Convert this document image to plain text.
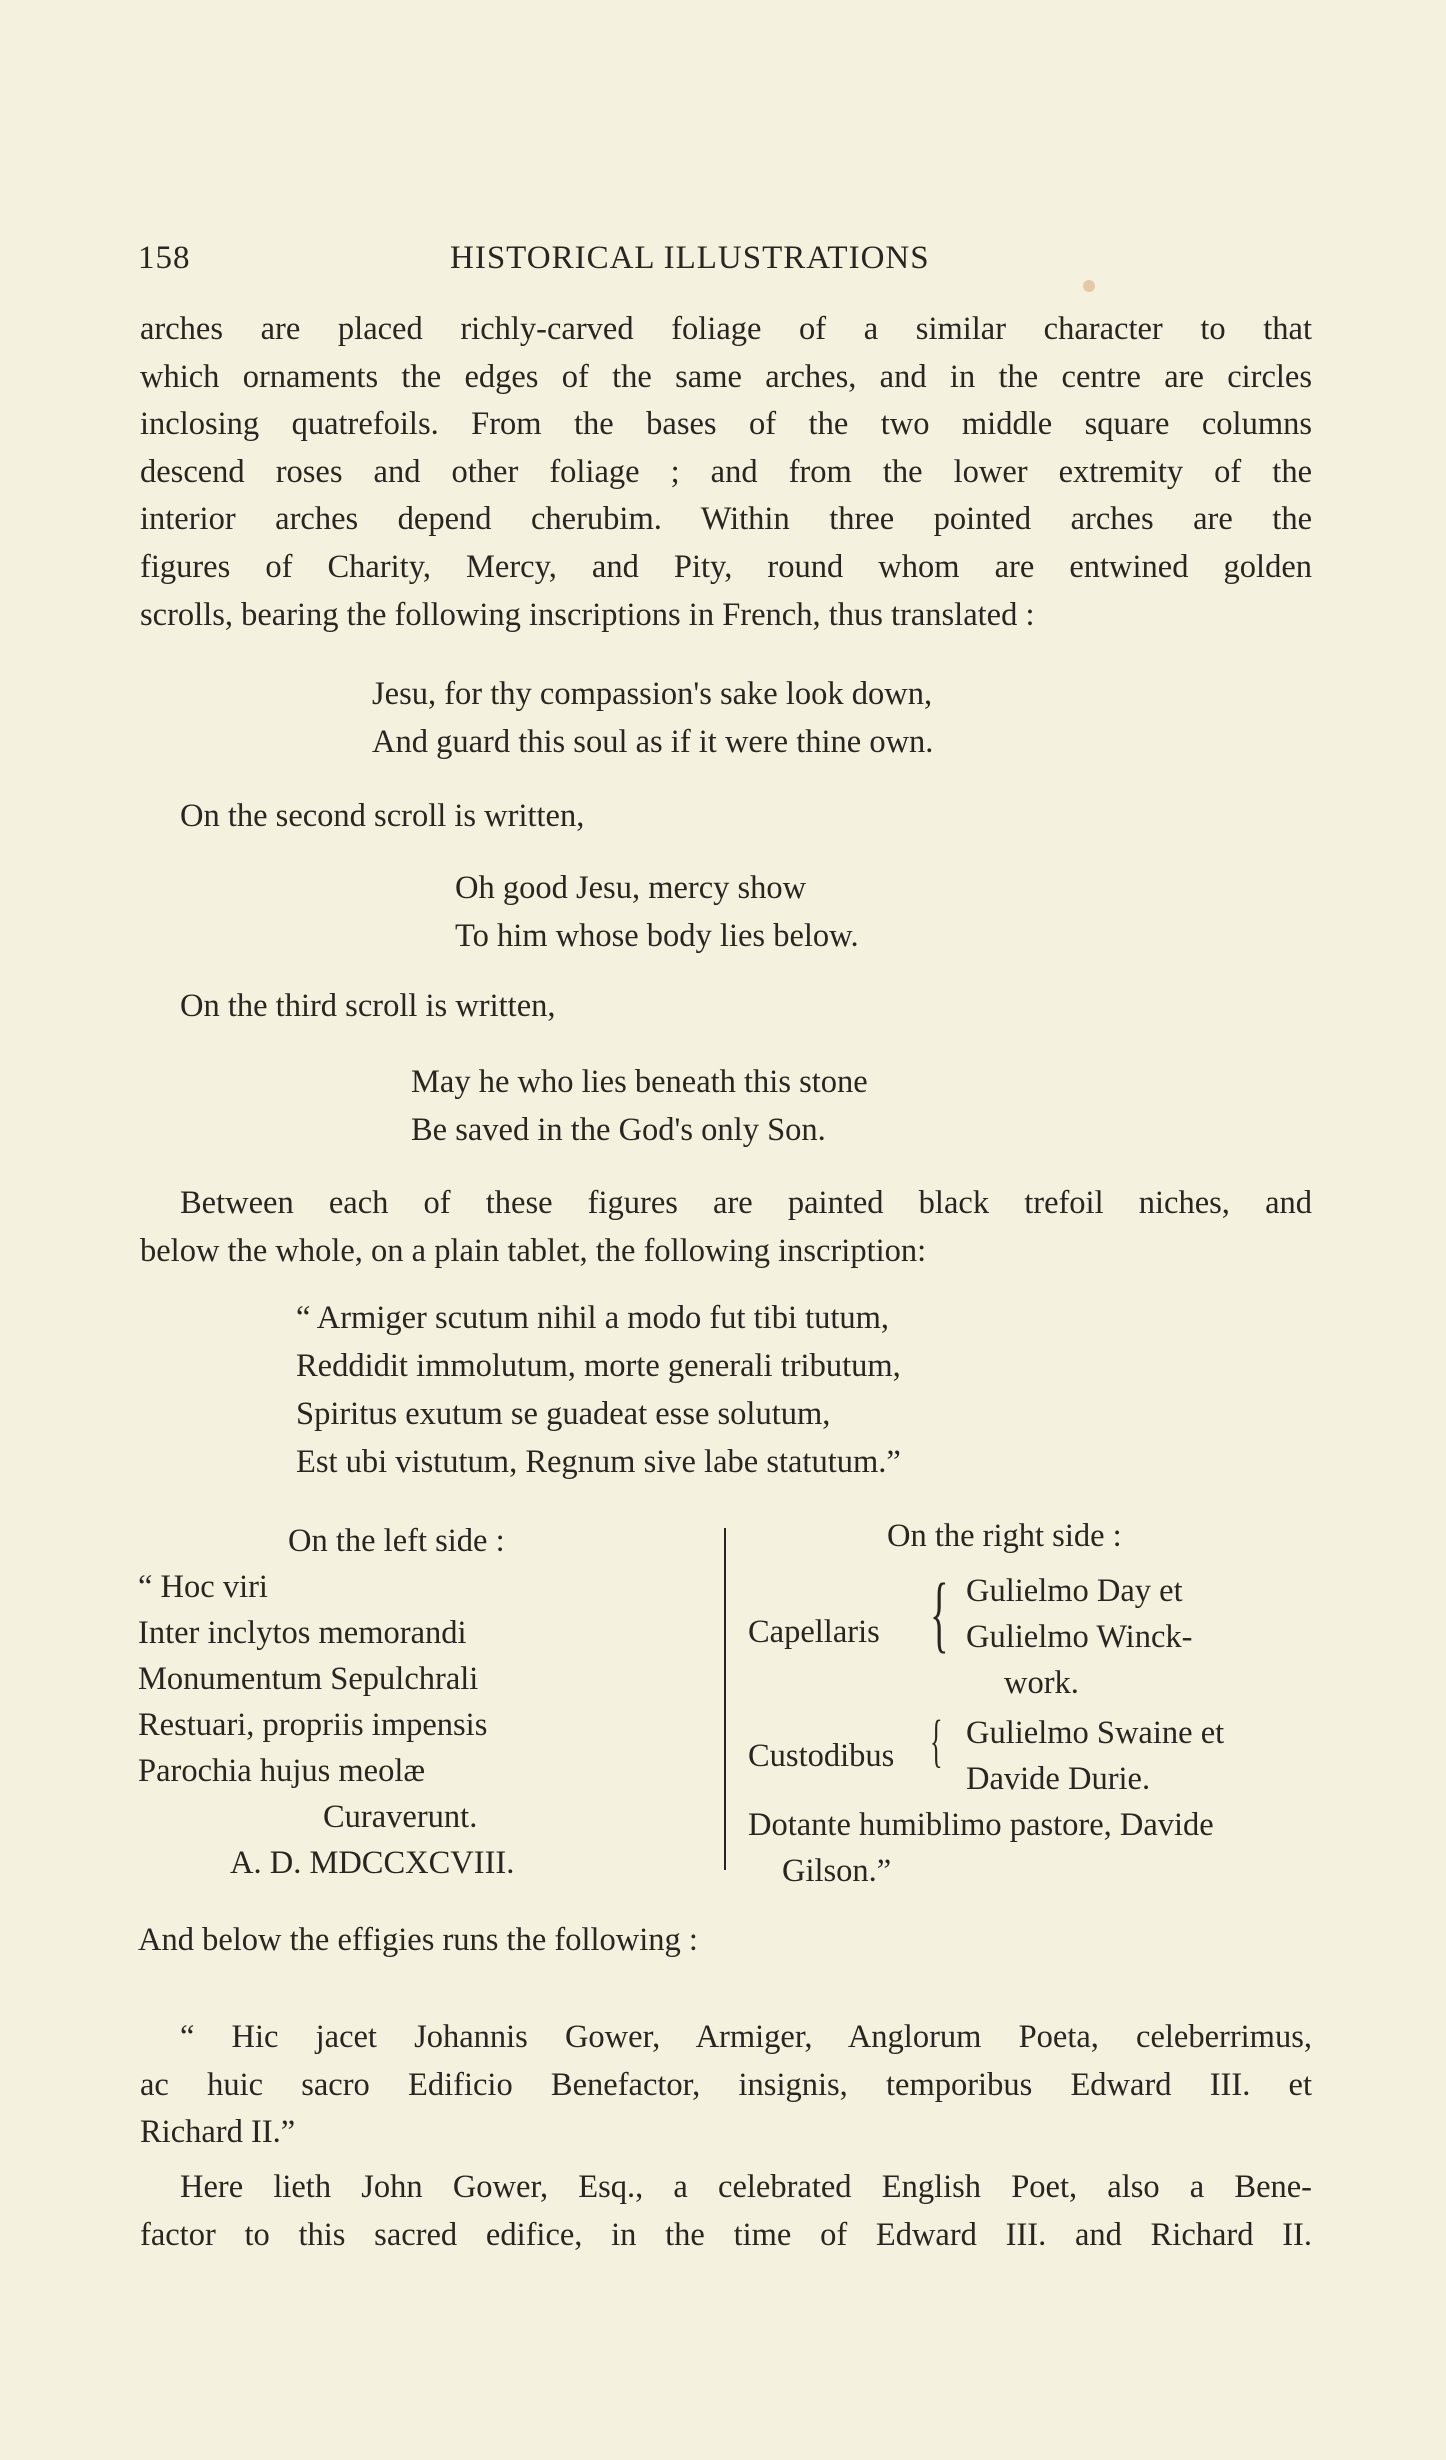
158	HISTORICAL ILLUSTRATIONS
arches are placed richly-carved foliage of a similar character to that
which ornaments the edges of the same arches, and in the centre are circles
inclosing quatrefoils. From the bases of the two middle square columns
descend roses and other foliage ; and from the lower extremity of the
interior arches depend cherubim. Within three pointed arches are the
figures of Charity, Mercy, and Pity, round whom are entwined golden
scrolls, bearing the following inscriptions in French, thus translated :
Jesu, for thy compassion's sake look down,
And guard this soul as if it were thine own.
On the second scroll is written,
Oh good Jesu, mercy show
To him whose body lies below.
On the third scroll is written,
May he who lies beneath this stone
Be saved in the God's only Son.
Between each of these figures are painted black trefoil niches, and
below the whole, on a plain tablet, the following inscription:
“ Armiger scutum nihil a modo fut tibi tutum,
Reddidit immolutum, morte generali tributum,
Spiritus exutum se guadeat esse solutum,
Est ubi vistutum, Regnum sive labe statutum.”
On the left side :
“ Hoc viri
Inter inclytos memorandi
Monumentum Sepulchrali
Restuari, propriis impensis
Parochia hujus meolæ
Curaverunt.
A. D. MDCCXCVIII.
On the right side :
Capellaris { Gulielmo Day et
Gulielmo Winck-
work.
Custodibus { Gulielmo Swaine et
Davide Durie.
Dotante humiblimo pastore, Davide
Gilson.”
And below the effigies runs the following :
“ Hic jacet Johannis Gower, Armiger, Anglorum Poeta, celeberrimus,
ac huic sacro Edificio Benefactor, insignis, temporibus Edward III. et
Richard II.”
Here lieth John Gower, Esq., a celebrated English Poet, also a Bene-
factor to this sacred edifice, in the time of Edward III. and Richard II.
